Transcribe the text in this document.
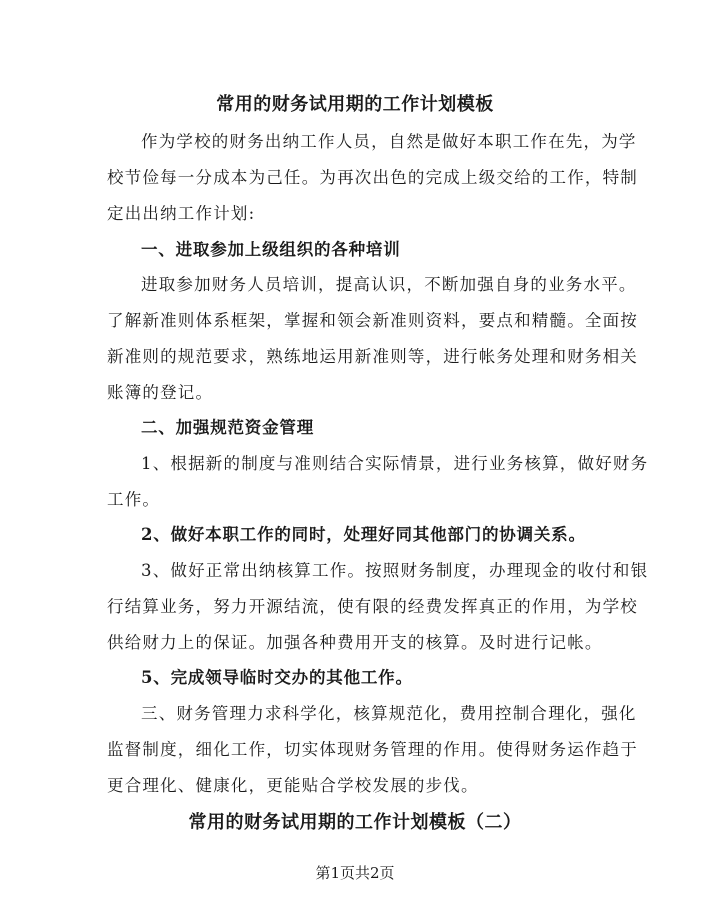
常用的财务试用期的工作计划模板

作为学校的财务出纳工作人员，自然是做好本职工作在先，为学

校节俭每一分成本为己任。为再次出色的完成上级交给的工作，特制

定出出纳工作计划:

一、进取参加上级组织的各种培训

进取参加财务人员培训，提高认识，不断加强自身的业务水平。

了解新准则体系框架，掌握和领会新准则资料，要点和精髓。全面按

新准则的规范要求，熟练地运用新准则等，进行帐务处理和财务相关

账簿的登记。

二、加强规范资金管理

1、根据新的制度与准则结合实际情景，进行业务核算，做好财务

工作。

2、做好本职工作的同时，处理好同其他部门的协调关系。

3、做好正常出纳核算工作。按照财务制度，办理现金的收付和银

行结算业务，努力开源结流，使有限的经费发挥真正的作用，为学校

供给财力上的保证。加强各种费用开支的核算。及时进行记帐。

5、完成领导临时交办的其他工作。

三、财务管理力求科学化，核算规范化，费用控制合理化，强化

监督制度，细化工作，切实体现财务管理的作用。使得财务运作趋于

更合理化、健康化，更能贴合学校发展的步伐。

常用的财务试用期的工作计划模板（二）
第1页共2页
